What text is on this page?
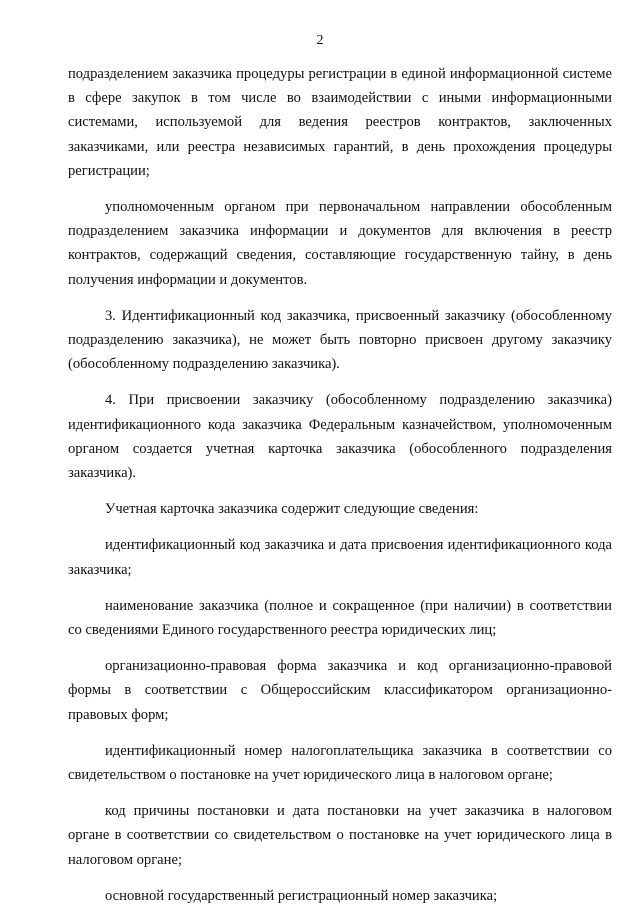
2

подразделением заказчика процедуры регистрации в единой информационной системе в сфере закупок в том числе во взаимодействии с иными информационными системами, используемой для ведения реестров контрактов, заключенных заказчиками, или реестра независимых гарантий, в день прохождения процедуры регистрации;

уполномоченным органом при первоначальном направлении обособленным подразделением заказчика информации и документов для включения в реестр контрактов, содержащий сведения, составляющие государственную тайну, в день получения информации и документов.

3. Идентификационный код заказчика, присвоенный заказчику (обособленному подразделению заказчика), не может быть повторно присвоен другому заказчику (обособленному подразделению заказчика).

4. При присвоении заказчику (обособленному подразделению заказчика) идентификационного кода заказчика Федеральным казначейством, уполномоченным органом создается учетная карточка заказчика (обособленного подразделения заказчика).

Учетная карточка заказчика содержит следующие сведения:

идентификационный код заказчика и дата присвоения идентификационного кода заказчика;

наименование заказчика (полное и сокращенное (при наличии) в соответствии со сведениями Единого государственного реестра юридических лиц;

организационно-правовая форма заказчика и код организационно-правовой формы в соответствии с Общероссийским классификатором организационно-правовых форм;

идентификационный номер налогоплательщика заказчика в соответствии со свидетельством о постановке на учет юридического лица в налоговом органе;

код причины постановки и дата постановки на учет заказчика в налоговом органе в соответствии со свидетельством о постановке на учет юридического лица в налоговом органе;

основной государственный регистрационный номер заказчика;
